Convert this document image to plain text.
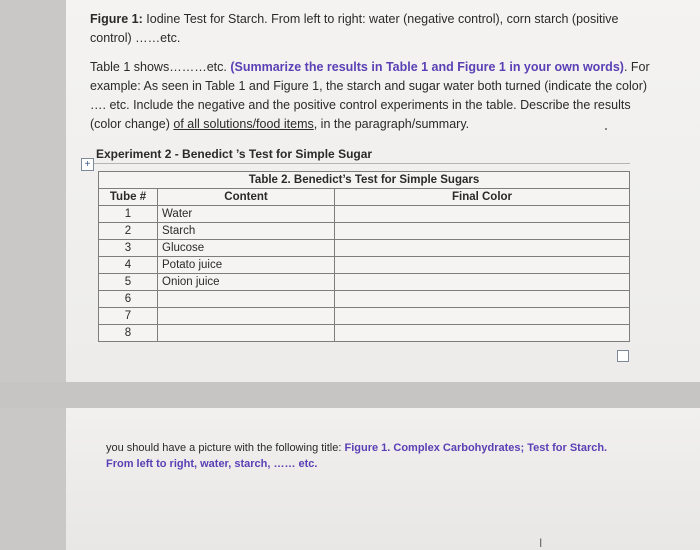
Figure 1: Iodine Test for Starch. From left to right: water (negative control), corn starch (positive
control) ……etc.
Table 1 shows………etc. (Summarize the results in Table 1 and Figure 1 in your own words). For
example: As seen in Table 1 and Figure 1, the starch and sugar water both turned (indicate the color)
…. etc. Include the negative and the positive control experiments in the table. Describe the results
(color change) of all solutions/food items, in the paragraph/summary.
+
Experiment 2 - Benedict ’s Test for Simple Sugar
Table 2. Benedict’s Test for Simple Sugars		
Tube #	Content	Final Color
1	Water	
2	Starch	
3	Glucose	
4	Potato juice	
5	Onion juice	
6		
7		
8		
you should have a picture with the following title: Figure 1. Complex Carbohydrates; Test for Starch.
From left to right, water, starch, …… etc.
I
